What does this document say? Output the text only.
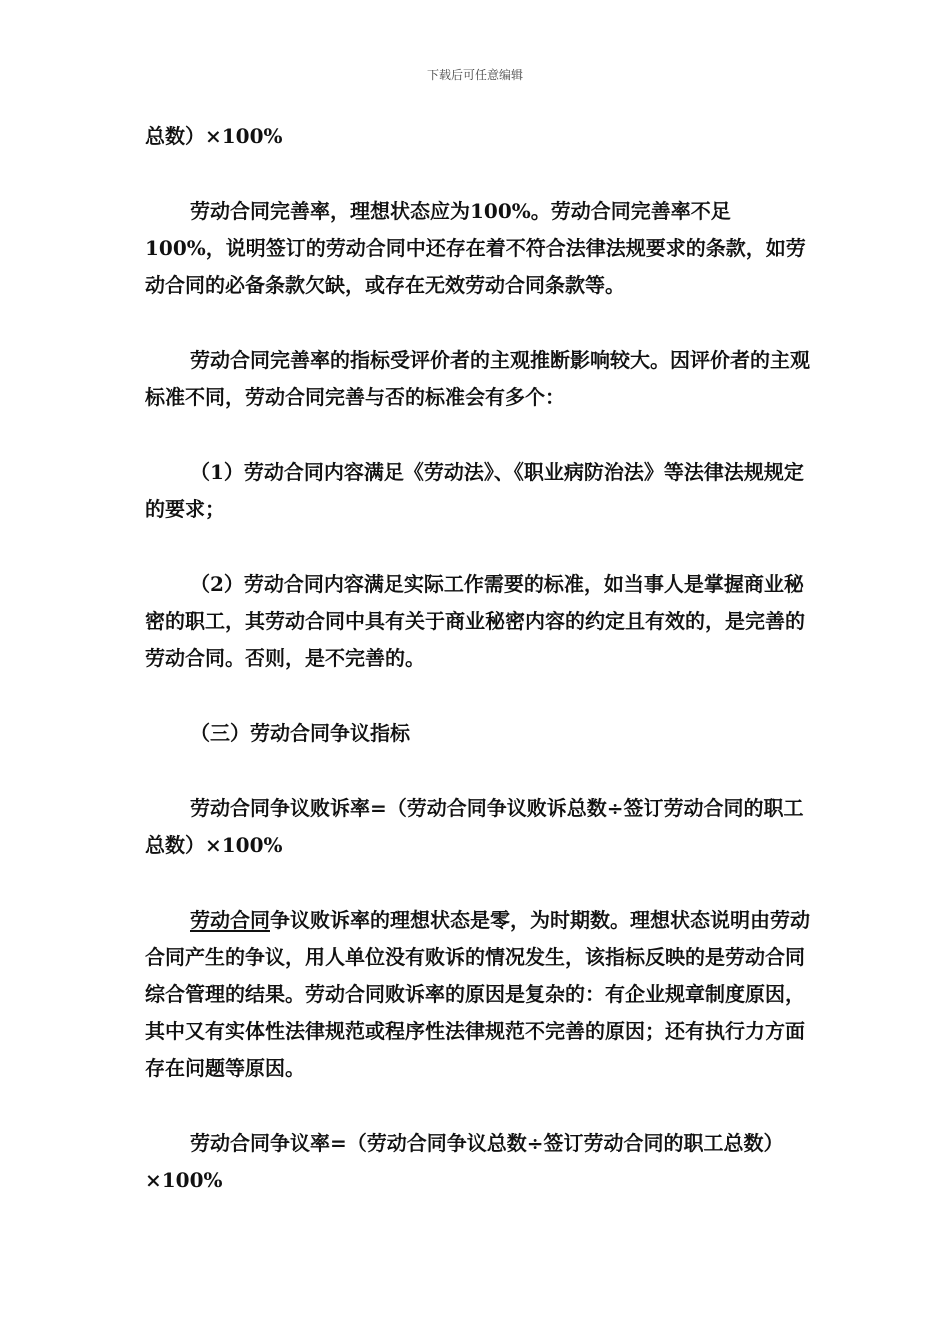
下载后可任意编辑

总数）×100%

劳动合同完善率，理想状态应为100%。劳动合同完善率不足100%，说明签订的劳动合同中还存在着不符合法律法规要求的条款，如劳动合同的必备条款欠缺，或存在无效劳动合同条款等。

劳动合同完善率的指标受评价者的主观推断影响较大。因评价者的主观标准不同，劳动合同完善与否的标准会有多个：

（1）劳动合同内容满足《劳动法》、《职业病防治法》等法律法规规定的要求；

（2）劳动合同内容满足实际工作需要的标准，如当事人是掌握商业秘密的职工，其劳动合同中具有关于商业秘密内容的约定且有效的，是完善的劳动合同。否则，是不完善的。

（三）劳动合同争议指标

劳动合同争议败诉率=（劳动合同争议败诉总数÷签订劳动合同的职工总数）×100%

劳动合同争议败诉率的理想状态是零，为时期数。理想状态说明由劳动合同产生的争议，用人单位没有败诉的情况发生，该指标反映的是劳动合同综合管理的结果。劳动合同败诉率的原因是复杂的：有企业规章制度原因，其中又有实体性法律规范或程序性法律规范不完善的原因；还有执行力方面存在问题等原因。

劳动合同争议率=（劳动合同争议总数÷签订劳动合同的职工总数）×100%
